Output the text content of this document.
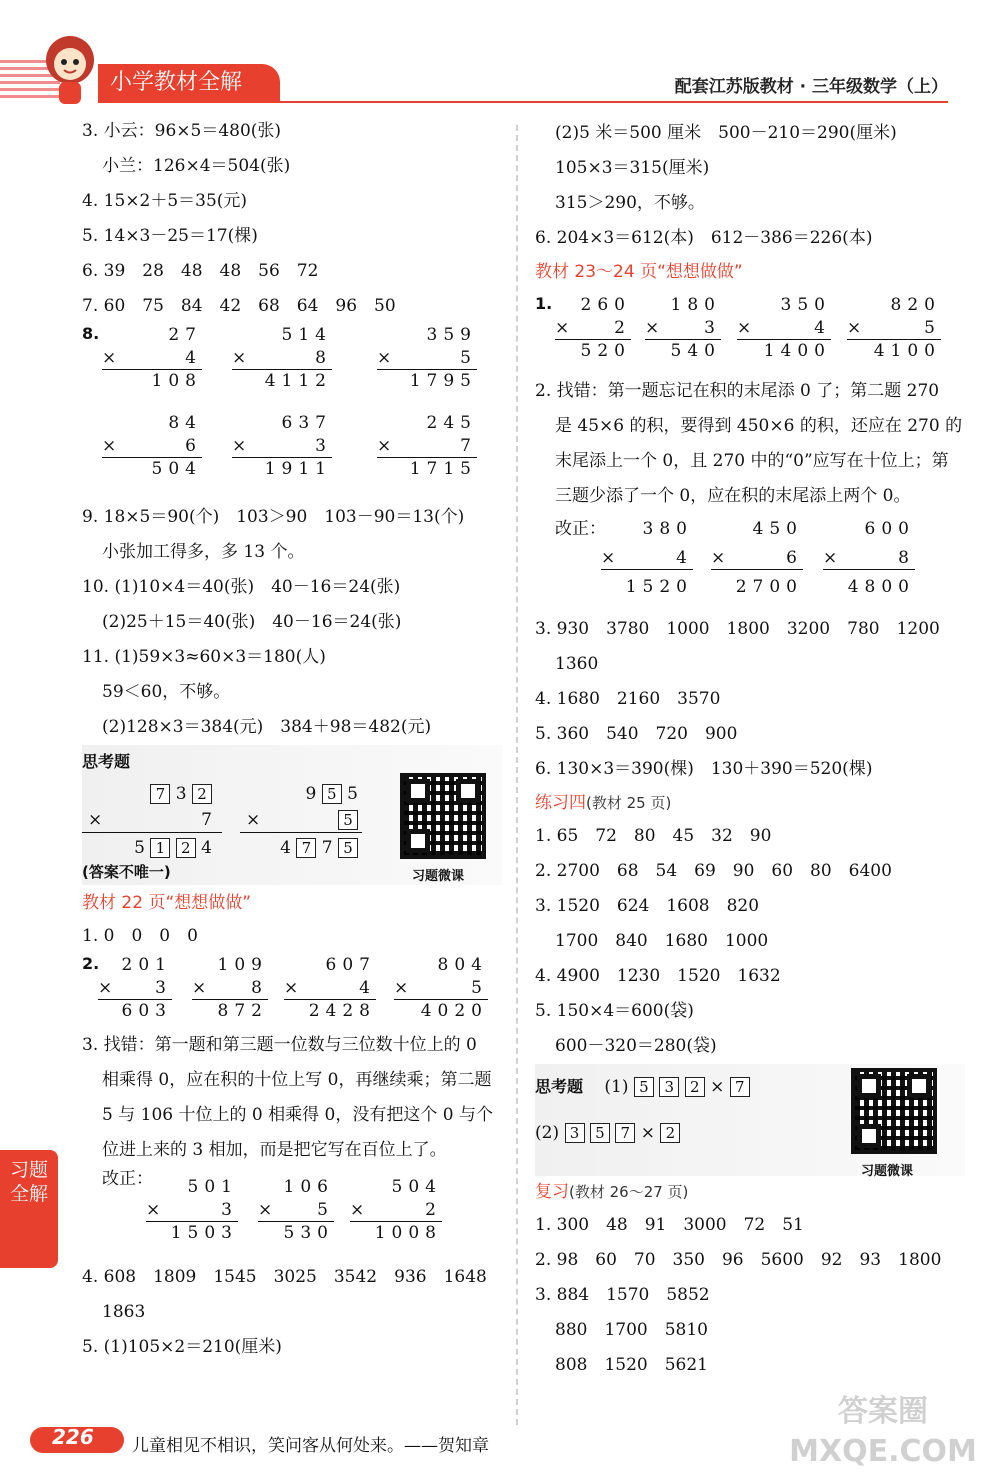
小学教材全解	配套江苏版教材 · 三年级数学（上）
3. 小云：96×5＝480(张)
小兰：126×4＝504(张)
4. 15×2＋5＝35(元)
5. 14×3－25＝17(棵)
6. 39　28　48　48　56　72
7. 60　75　84　42　68　64　96　50
8.	27
×	4
108
514
×	8
4112
359
×	5
1795
84
×	6
504
637
×	3
1911
245
×	7
1715
9. 18×5＝90(个)　103＞90　103－90＝13(个)
小张加工得多，多 13 个。
10. (1)10×4＝40(张)　40－16＝24(张)
(2)25＋15＝40(张)　40－16＝24(张)
11. (1)59×3≈60×3＝180(人)
59＜60，不够。
(2)128×3＝384(元)　384＋98＝482(元)
思考题
7 3 2
×	7
5 1 2 4
9 5 5
×	5
4 7 7 5
习题微课
(答案不唯一)
教材 22 页“想想做做”
1. 0　0　0　0
2.	201
×	3
603
109
×	8
872
607
×	4
2428
804
×	5
4020
3. 找错：第一题和第三题一位数与三位数十位上的 0
相乘得 0，应在积的十位上写 0，再继续乘；第二题
5 与 106 十位上的 0 相乘得 0，没有把这个 0 与个
位进上来的 3 相加，而是把它写在百位上了。
改正：	501
×	3
1503
106
×	5
530
504
×	2
1008
4. 608　1809　1545　3025　3542　936　1648
1863
5. (1)105×2＝210(厘米)
(2)5 米＝500 厘米　500－210＝290(厘米)
105×3＝315(厘米)
315＞290，不够。
6. 204×3＝612(本)　612－386＝226(本)
教材 23～24 页“想想做做”
1.	260
×	2
520
180
×	3
540
350
×	4
1400
820
×	5
4100
2. 找错：第一题忘记在积的末尾添 0 了；第二题 270
是 45×6 的积，要得到 450×6 的积，还应在 270 的
末尾添上一个 0，且 270 中的“0”应写在十位上；第
三题少添了一个 0，应在积的末尾添上两个 0。
改正：	380
×	4
1520
450
×	6
2700
600
×	8
4800
3. 930　3780　1000　1800　3200　780　1200
1360
4. 1680　2160　3570
5. 360　540　720　900
6. 130×3＝390(棵)　130＋390＝520(棵)
练习四(教材 25 页)
1. 65　72　80　45　32　90
2. 2700　68　54　69　90　60　80　6400
3. 1520　624　1608　820
1700　840　1680　1000
4. 4900　1230　1520　1632
5. 150×4＝600(袋)
600－320＝280(袋)
思考题 (1) 5 3 2 × 7
(2) 3 5 7 × 2
习题微课
复习(教材 26～27 页)
1. 300　48　91　3000　72　51
2. 98　60　70　350　96　5600　92　93　1800
3. 884　1570　5852
880　1700　5810
808　1520　5621
习题全解
答案圈 MXQE.COM
226 儿童相见不相识，笑问客从何处来。——贺知章
